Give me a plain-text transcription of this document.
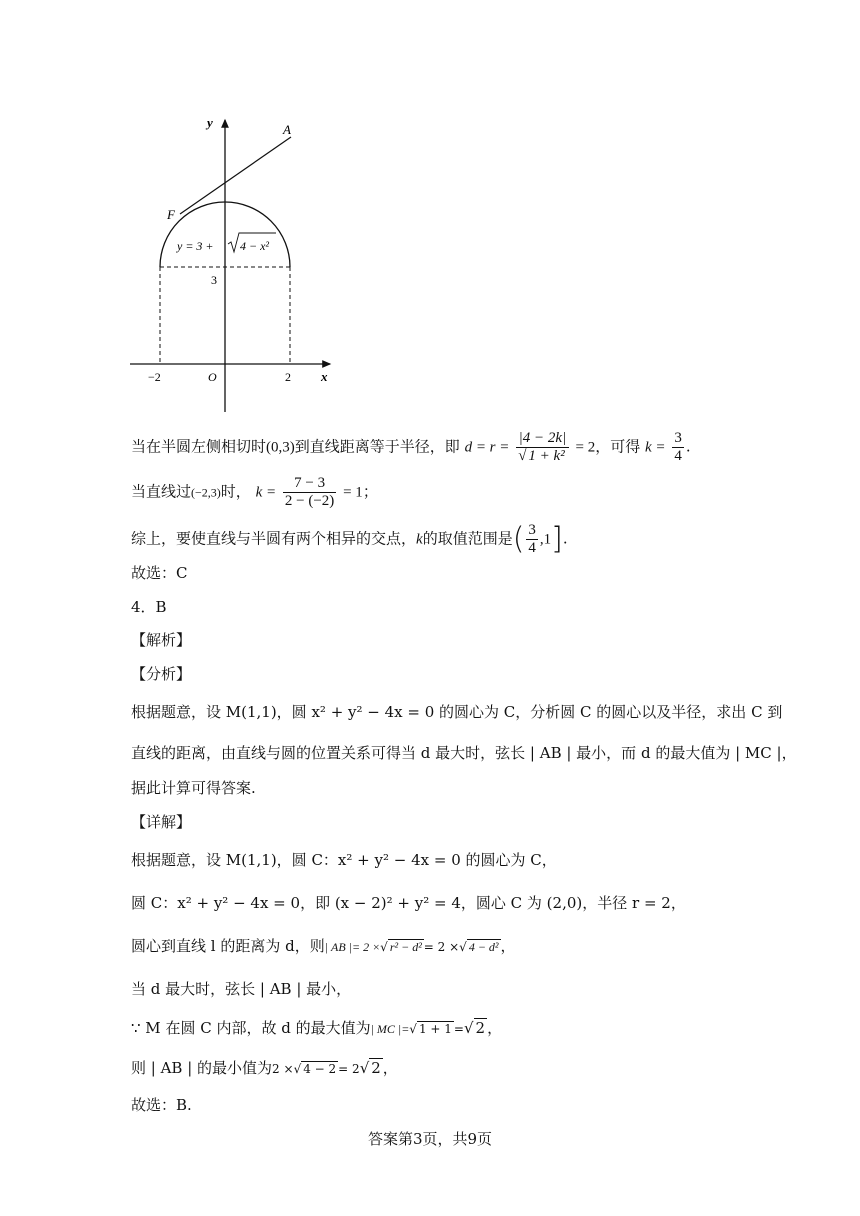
y
x
A
F
O
−2	2
3
y = 3 + 4 − x²
当在半圆左侧相切时(0,3)到直线距离等于半径，即 $d = r = \frac{|4 - 2k|}{\text{√ 1 + k²}} = 2$，可得 $k = \frac{3}{4}$ .
当直线过(−2,3)时， $k = \frac{7 - 3}{2 - (-2)} = 1$；
综上，要使直线与半圆有两个相异的交点，k的取值范围是( $\frac{3}{4} ,1$].
故选：C
4．B
【解析】
【分析】
根据题意，设 M(1,1)，圆 x² + y² − 4x = 0 的圆心为 C，分析圆 C 的圆心以及半径，求出 C 到
直线的距离，由直线与圆的位置关系可得当 d 最大时，弦长 | AB | 最小，而 d 的最大值为 | MC |，
据此计算可得答案.
【详解】
根据题意，设 M(1,1)，圆 C：x² + y² − 4x = 0 的圆心为 C，
圆 C：x² + y² − 4x = 0，即 (x − 2)² + y² = 4，圆心 C 为 (2,0)，半径 r = 2，
圆心到直线 l 的距离为 d，则| AB |= 2 ×√ r² − d² = 2 ×√ 4 − d² ，
当 d 最大时，弦长 | AB | 最小，
∵ M 在圆 C 内部，故 d 的最大值为| MC |=√ 1 + 1 =√ 2 ，
则 | AB | 的最小值为2 ×√ 4 − 2 = 2√ 2 ，
故选：B.
答案第3页，共9页
